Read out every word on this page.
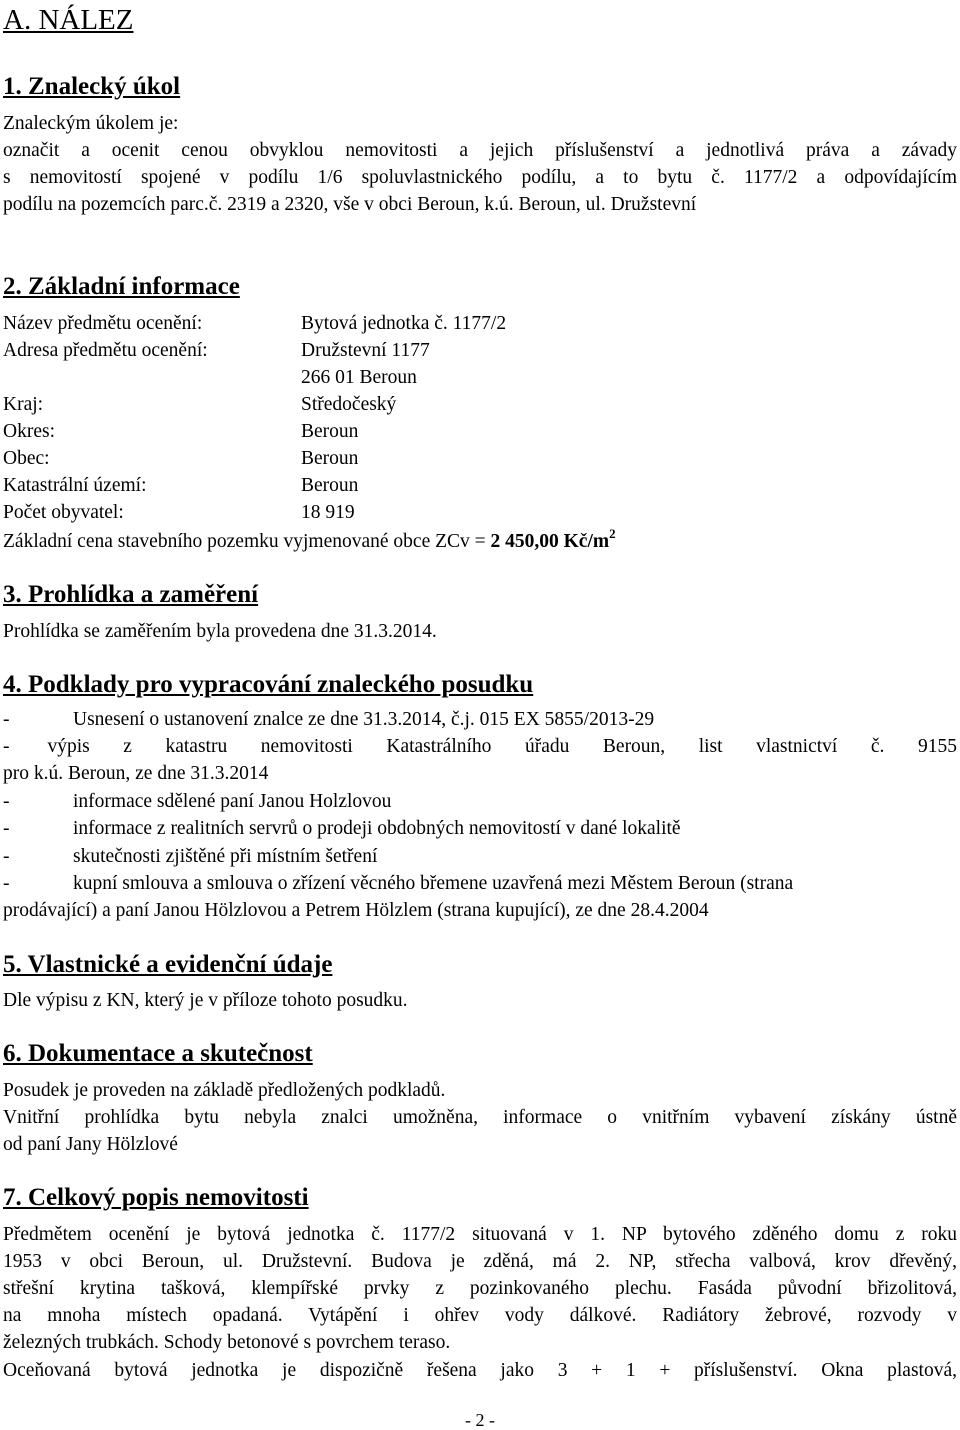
A. NÁLEZ
1. Znalecký úkol
Znaleckým úkolem je:
označit a ocenit cenou obvyklou nemovitosti a jejich příslušenství a jednotlivá práva a závady
s nemovitostí spojené v podílu 1/6 spoluvlastnického podílu, a to bytu č. 1177/2 a odpovídajícím
podílu na pozemcích parc.č. 2319 a 2320, vše v obci Beroun, k.ú. Beroun, ul. Družstevní
2. Základní informace
Název předmětu ocenění:	Bytová jednotka č. 1177/2
Adresa předmětu ocenění:	Družstevní 1177
266 01 Beroun
Kraj:	Středočeský
Okres:	Beroun
Obec:	Beroun
Katastrální území:	Beroun
Počet obyvatel:	18 919
Základní cena stavebního pozemku vyjmenované obce ZCv = 2 450,00 $Kč/m^2$
3. Prohlídka a zaměření
Prohlídka se zaměřením byla provedena dne 31.3.2014.
4. Podklady pro vypracování znaleckého posudku
-	Usnesení o ustanovení znalce ze dne 31.3.2014, č.j. 015 EX 5855/2013-29
- výpis z katastru nemovitosti Katastrálního úřadu Beroun, list vlastnictví č. 9155
pro k.ú. Beroun, ze dne 31.3.2014
-	informace sdělené paní Janou Holzlovou
-	informace z realitních servrů o prodeji obdobných nemovitostí v dané lokalitě
-	skutečnosti zjištěné při místním šetření
-	kupní smlouva a smlouva o zřízení věcného břemene uzavřená mezi Městem Beroun (strana
prodávající) a paní Janou Hölzlovou a Petrem Hölzlem (strana kupující), ze dne 28.4.2004
5. Vlastnické a evidenční údaje
Dle výpisu z KN, který je v příloze tohoto posudku.
6. Dokumentace a skutečnost
Posudek je proveden na základě předložených podkladů.
Vnitřní prohlídka bytu nebyla znalci umožněna, informace o vnitřním vybavení získány ústně
od paní Jany Hölzlové
7. Celkový popis nemovitosti
Předmětem ocenění je bytová jednotka č. 1177/2 situovaná v 1. NP bytového zděného domu z roku
1953 v obci Beroun, ul. Družstevní. Budova je zděná, má 2. NP, střecha valbová, krov dřevěný,
střešní krytina tašková, klempířské prvky z pozinkovaného plechu. Fasáda původní břizolitová,
na mnoha místech opadaná. Vytápění i ohřev vody dálkové. Radiátory žebrové, rozvody v
železných trubkách. Schody betonové s povrchem teraso.
Oceňovaná bytová jednotka je dispozičně řešena jako 3 + 1 + příslušenství. Okna plastová,
- 2 -
